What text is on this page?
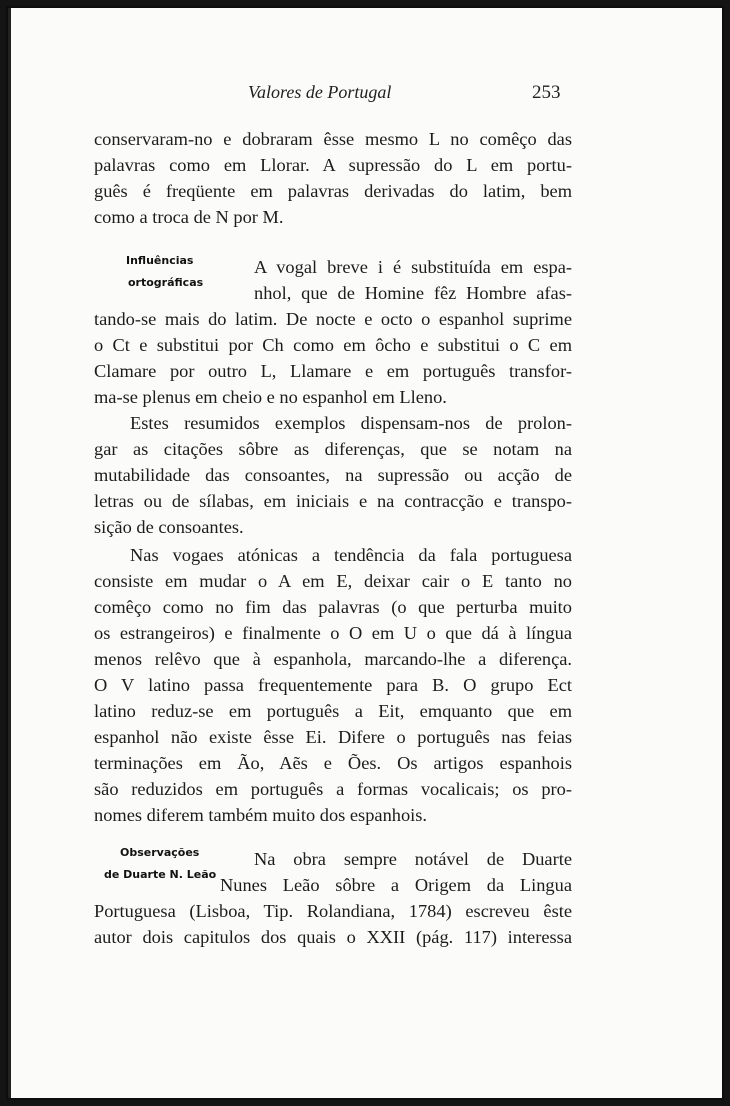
Valores de Portugal	253
conservaram-no e dobraram êsse mesmo L no comêço das
palavras como em Llorar. A supressão do L em portu-
guês é freqüente em palavras derivadas do latim, bem
como a troca de N por M.
Influências
ortográficas
A vogal breve i é substituída em espa-
nhol, que de Homine fêz Hombre afas-
tando-se mais do latim. De nocte e octo o espanhol suprime
o Ct e substitui por Ch como em ôcho e substitui o C em
Clamare por outro L, Llamare e em português transfor-
ma-se plenus em cheio e no espanhol em Lleno.
Estes resumidos exemplos dispensam-nos de prolon-
gar as citações sôbre as diferenças, que se notam na
mutabilidade das consoantes, na supressão ou acção de
letras ou de sílabas, em iniciais e na contracção e transpo-
sição de consoantes.
Nas vogaes atónicas a tendência da fala portuguesa
consiste em mudar o A em E, deixar cair o E tanto no
comêço como no fim das palavras (o que perturba muito
os estrangeiros) e finalmente o O em U o que dá à língua
menos relêvo que à espanhola, marcando-lhe a diferença.
O V latino passa frequentemente para B. O grupo Ect
latino reduz-se em português a Eit, emquanto que em
espanhol não existe êsse Ei. Difere o português nas feias
terminações em Ão, Aẽs e Ões. Os artigos espanhois
são reduzidos em português a formas vocalicais; os pro-
nomes diferem também muito dos espanhois.
Observações
de Duarte N. Leão
Na obra sempre notável de Duarte
Nunes Leão sôbre a Origem da Lingua
Portuguesa (Lisboa, Tip. Rolandiana, 1784) escreveu êste
autor dois capitulos dos quais o XXII (pág. 117) interessa
